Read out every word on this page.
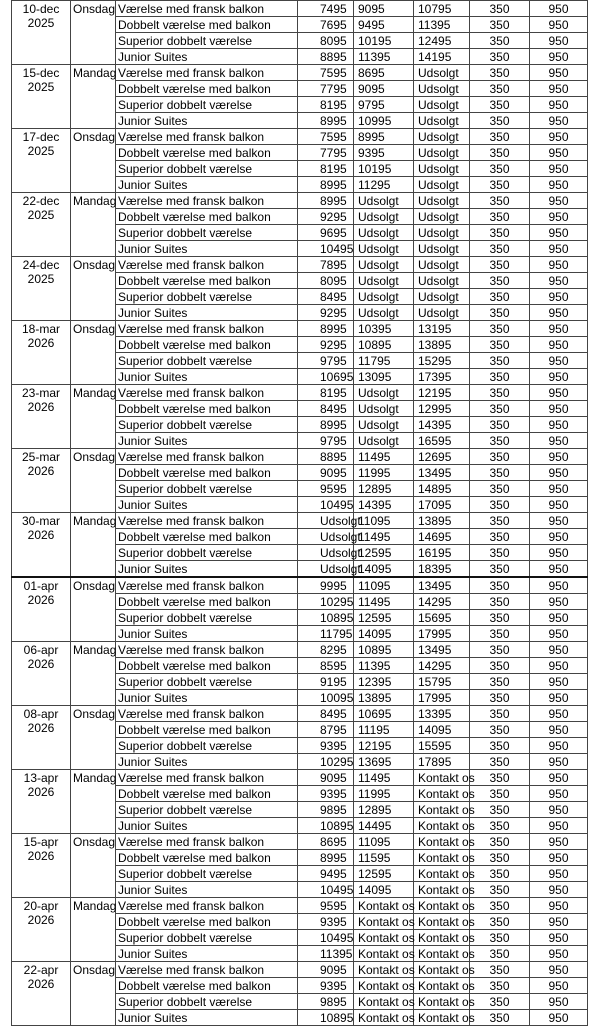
10-dec
2025	Onsdag	Værelse med fransk balkon	7495	9095	10795	350	950
		Dobbelt værelse med balkon	7695	9495	11395	350	950
		Superior dobbelt værelse	8095	10195	12495	350	950
		Junior Suites	8895	11395	14195	350	950

15-dec
2025	Mandag	Værelse med fransk balkon	7595	8695	Udsolgt	350	950
		Dobbelt værelse med balkon	7795	9095	Udsolgt	350	950
		Superior dobbelt værelse	8195	9795	Udsolgt	350	950
		Junior Suites	8995	10995	Udsolgt	350	950

17-dec
2025	Onsdag	Værelse med fransk balkon	7595	8995	Udsolgt	350	950
		Dobbelt værelse med balkon	7795	9395	Udsolgt	350	950
		Superior dobbelt værelse	8195	10195	Udsolgt	350	950
		Junior Suites	8995	11295	Udsolgt	350	950

22-dec
2025	Mandag	Værelse med fransk balkon	8995	Udsolgt	Udsolgt	350	950
		Dobbelt værelse med balkon	9295	Udsolgt	Udsolgt	350	950
		Superior dobbelt værelse	9695	Udsolgt	Udsolgt	350	950
		Junior Suites	10495	Udsolgt	Udsolgt	350	950

24-dec
2025	Onsdag	Værelse med fransk balkon	7895	Udsolgt	Udsolgt	350	950
		Dobbelt værelse med balkon	8095	Udsolgt	Udsolgt	350	950
		Superior dobbelt værelse	8495	Udsolgt	Udsolgt	350	950
		Junior Suites	9295	Udsolgt	Udsolgt	350	950

18-mar
2026	Onsdag	Værelse med fransk balkon	8995	10395	13195	350	950
		Dobbelt værelse med balkon	9295	10895	13895	350	950
		Superior dobbelt værelse	9795	11795	15295	350	950
		Junior Suites	10695	13095	17395	350	950

23-mar
2026	Mandag	Værelse med fransk balkon	8195	Udsolgt	12195	350	950
		Dobbelt værelse med balkon	8495	Udsolgt	12995	350	950
		Superior dobbelt værelse	8995	Udsolgt	14395	350	950
		Junior Suites	9795	Udsolgt	16595	350	950

25-mar
2026	Onsdag	Værelse med fransk balkon	8895	11495	12695	350	950
		Dobbelt værelse med balkon	9095	11995	13495	350	950
		Superior dobbelt værelse	9595	12895	14895	350	950
		Junior Suites	10495	14395	17095	350	950

30-mar
2026	Mandag	Værelse med fransk balkon	Udsolgt	11095	13895	350	950
		Dobbelt værelse med balkon	Udsolgt	11495	14695	350	950
		Superior dobbelt værelse	Udsolgt	12595	16195	350	950
		Junior Suites	Udsolgt	14095	18395	350	950

01-apr
2026	Onsdag	Værelse med fransk balkon	9995	11095	13495	350	950
		Dobbelt værelse med balkon	10295	11495	14295	350	950
		Superior dobbelt værelse	10895	12595	15695	350	950
		Junior Suites	11795	14095	17995	350	950

06-apr
2026	Mandag	Værelse med fransk balkon	8295	10895	13495	350	950
		Dobbelt værelse med balkon	8595	11395	14295	350	950
		Superior dobbelt værelse	9195	12395	15795	350	950
		Junior Suites	10095	13895	17995	350	950

08-apr
2026	Onsdag	Værelse med fransk balkon	8495	10695	13395	350	950
		Dobbelt værelse med balkon	8795	11195	14095	350	950
		Superior dobbelt værelse	9395	12195	15595	350	950
		Junior Suites	10295	13695	17895	350	950

13-apr
2026	Mandag	Værelse med fransk balkon	9095	11495	Kontakt os	350	950
		Dobbelt værelse med balkon	9395	11995	Kontakt os	350	950
		Superior dobbelt værelse	9895	12895	Kontakt os	350	950
		Junior Suites	10895	14495	Kontakt os	350	950

15-apr
2026	Onsdag	Værelse med fransk balkon	8695	11095	Kontakt os	350	950
		Dobbelt værelse med balkon	8995	11595	Kontakt os	350	950
		Superior dobbelt værelse	9495	12595	Kontakt os	350	950
		Junior Suites	10495	14095	Kontakt os	350	950

20-apr
2026	Mandag	Værelse med fransk balkon	9595	Kontakt os	Kontakt os	350	950
		Dobbelt værelse med balkon	9395	Kontakt os	Kontakt os	350	950
		Superior dobbelt værelse	10495	Kontakt os	Kontakt os	350	950
		Junior Suites	11395	Kontakt os	Kontakt os	350	950

22-apr
2026	Onsdag	Værelse med fransk balkon	9095	Kontakt os	Kontakt os	350	950
		Dobbelt værelse med balkon	9395	Kontakt os	Kontakt os	350	950
		Superior dobbelt værelse	9895	Kontakt os	Kontakt os	350	950
		Junior Suites	10895	Kontakt os	Kontakt os	350	950
